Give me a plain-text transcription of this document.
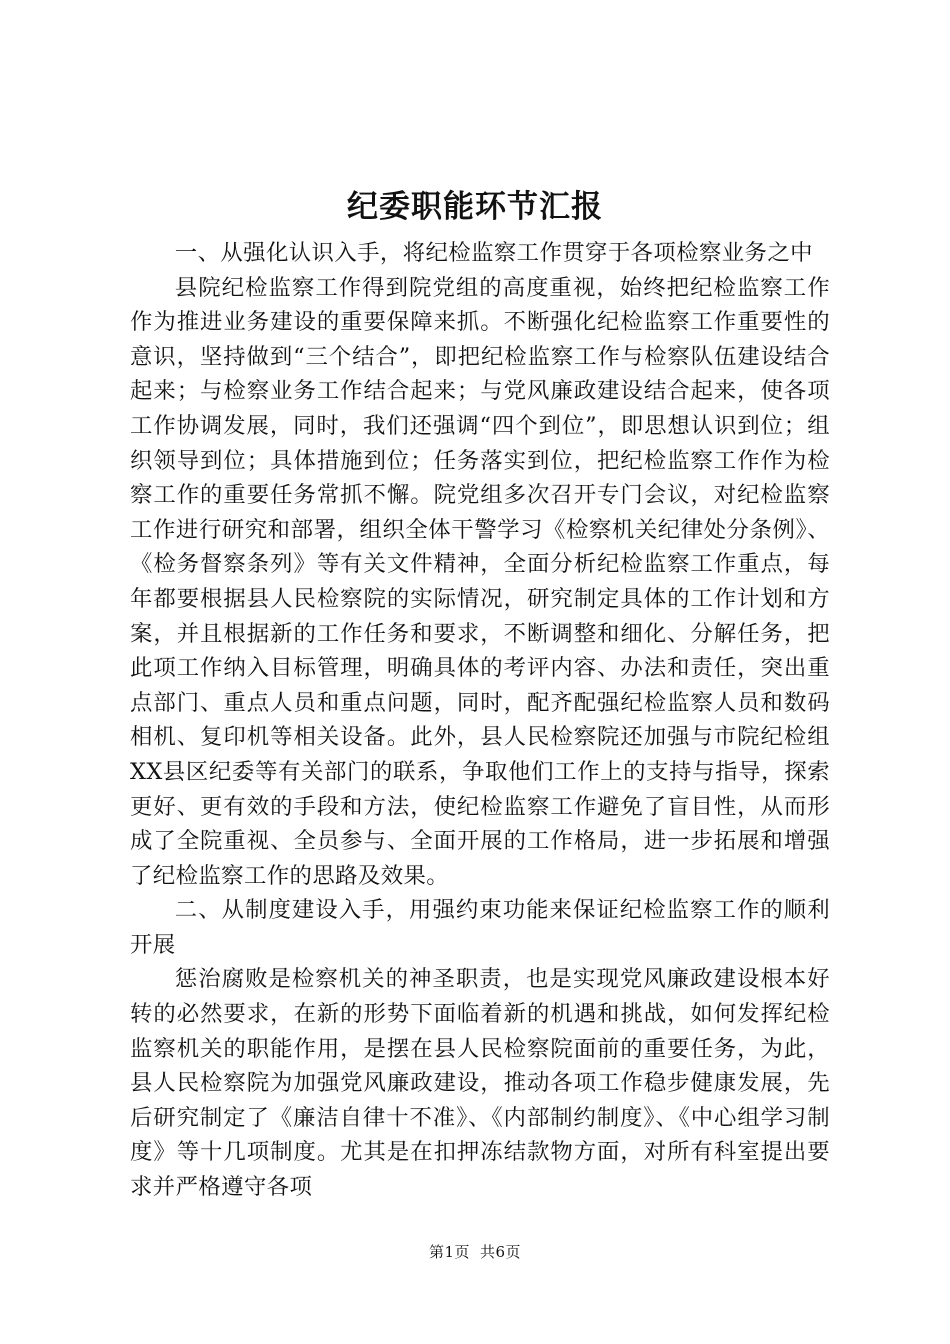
纪委职能环节汇报

一、从强化认识入手，将纪检监察工作贯穿于各项检察业务之中

县院纪检监察工作得到院党组的高度重视，始终把纪检监察工作作为推进业务建设的重要保障来抓。不断强化纪检监察工作重要性的意识，坚持做到“三个结合”，即把纪检监察工作与检察队伍建设结合起来；与检察业务工作结合起来；与党风廉政建设结合起来，使各项工作协调发展，同时，我们还强调“四个到位”，即思想认识到位；组织领导到位；具体措施到位；任务落实到位，把纪检监察工作作为检察工作的重要任务常抓不懈。院党组多次召开专门会议，对纪检监察工作进行研究和部署，组织全体干警学习《检察机关纪律处分条例》、《检务督察条列》等有关文件精神，全面分析纪检监察工作重点，每年都要根据县人民检察院的实际情况，研究制定具体的工作计划和方案，并且根据新的工作任务和要求，不断调整和细化、分解任务，把此项工作纳入目标管理，明确具体的考评内容、办法和责任，突出重点部门、重点人员和重点问题，同时，配齐配强纪检监察人员和数码相机、复印机等相关设备。此外，县人民检察院还加强与市院纪检组XX县区纪委等有关部门的联系，争取他们工作上的支持与指导，探索更好、更有效的手段和方法，使纪检监察工作避免了盲目性，从而形成了全院重视、全员参与、全面开展的工作格局，进一步拓展和增强了纪检监察工作的思路及效果。

二、从制度建设入手，用强约束功能来保证纪检监察工作的顺利开展

惩治腐败是检察机关的神圣职责，也是实现党风廉政建设根本好转的必然要求，在新的形势下面临着新的机遇和挑战，如何发挥纪检监察机关的职能作用，是摆在县人民检察院面前的重要任务，为此，县人民检察院为加强党风廉政建设，推动各项工作稳步健康发展，先后研究制定了《廉洁自律十不准》、《内部制约制度》、《中心组学习制度》等十几项制度。尤其是在扣押冻结款物方面，对所有科室提出要求并严格遵守各项

第1页 共6页
